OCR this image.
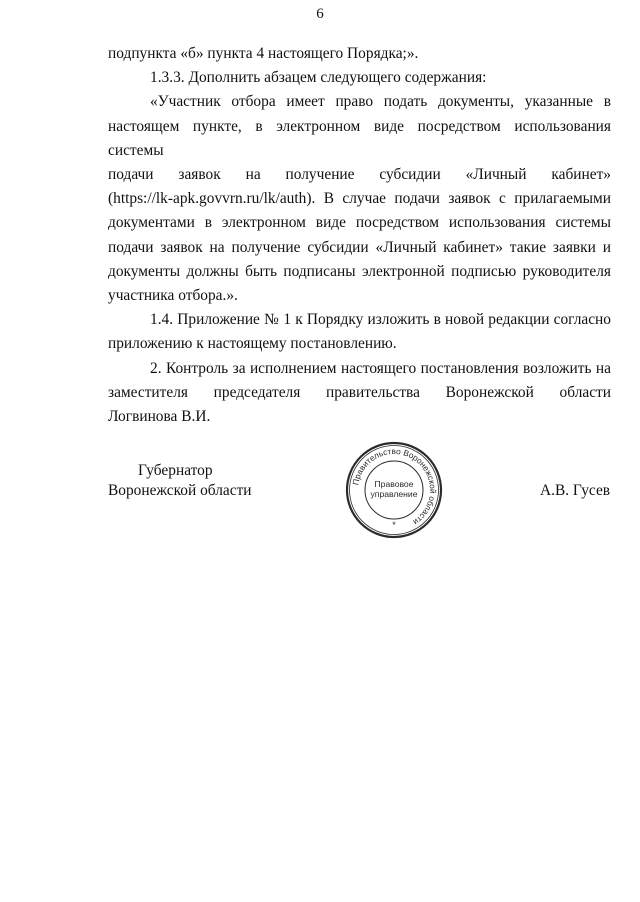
6
подпункта «б» пункта 4 настоящего Порядка;».
1.3.3. Дополнить абзацем следующего содержания:
«Участник отбора имеет право подать документы, указанные в
настоящем пункте, в электронном виде посредством использования системы
подачи заявок на получение субсидии «Личный кабинет»
(https://lk-apk.govvrn.ru/lk/auth). В случае подачи заявок с прилагаемыми
документами в электронном виде посредством использования системы
подачи заявок на получение субсидии «Личный кабинет» такие заявки и
документы должны быть подписаны электронной подписью руководителя
участника отбора.».
1.4. Приложение № 1 к Порядку изложить в новой редакции согласно
приложению к настоящему постановлению.
2. Контроль за исполнением настоящего постановления возложить на
заместителя председателя правительства Воронежской области
Логвинова В.И.
Губернатор
Воронежской области
Правительство Воронежской области
Правовое
управление
*
А.В. Гусев
